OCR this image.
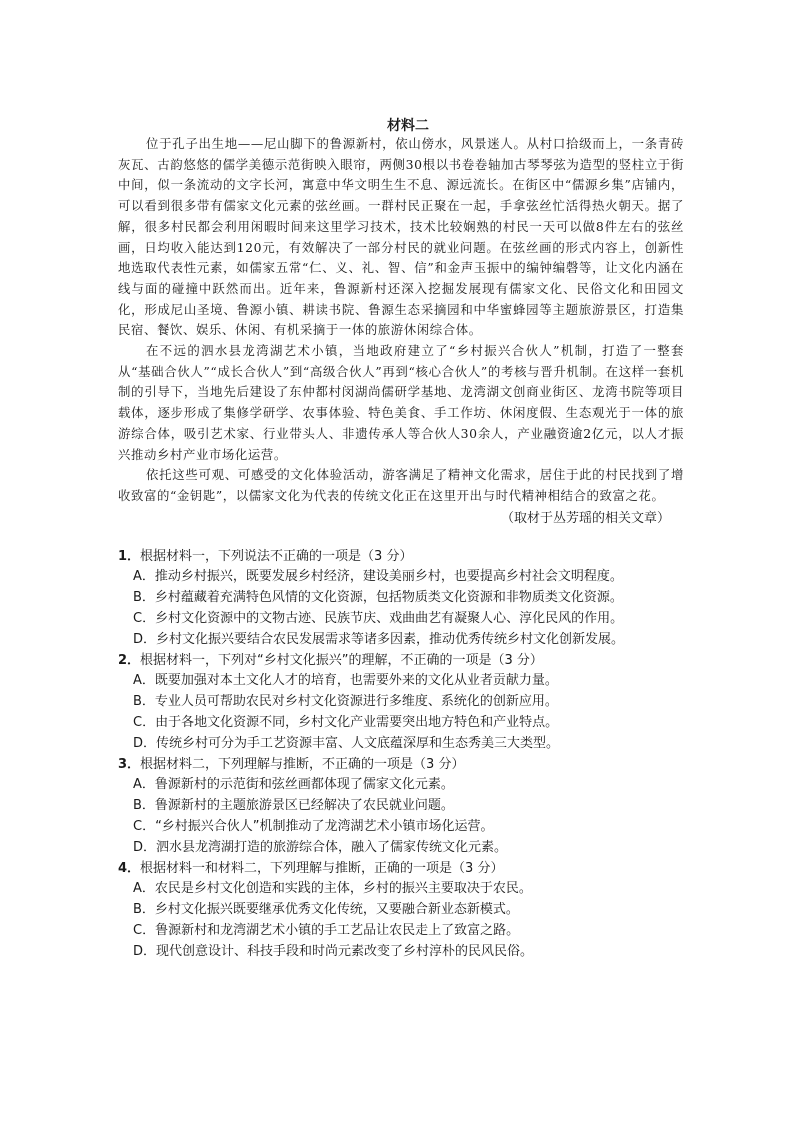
材料二

位于孔子出生地——尼山脚下的鲁源新村，依山傍水，风景迷人。从村口拾级而上，一条青砖灰瓦、古韵悠悠的儒学美德示范街映入眼帘，两侧30根以书卷卷轴加古琴琴弦为造型的竖柱立于街中间，似一条流动的文字长河，寓意中华文明生生不息、源远流长。在街区中“儒源乡集”店铺内，可以看到很多带有儒家文化元素的弦丝画。一群村民正聚在一起，手拿弦丝忙活得热火朝天。据了解，很多村民都会利用闲暇时间来这里学习技术，技术比较娴熟的村民一天可以做8件左右的弦丝画，日均收入能达到120元，有效解决了一部分村民的就业问题。在弦丝画的形式内容上，创新性地选取代表性元素，如儒家五常“仁、义、礼、智、信”和金声玉振中的编钟编磬等，让文化内涵在线与面的碰撞中跃然而出。近年来，鲁源新村还深入挖掘发展现有儒家文化、民俗文化和田园文化，形成尼山圣境、鲁源小镇、耕读书院、鲁源生态采摘园和中华蜜蜂园等主题旅游景区，打造集民宿、餐饮、娱乐、休闲、有机采摘于一体的旅游休闲综合体。

在不远的泗水县龙湾湖艺术小镇，当地政府建立了“乡村振兴合伙人”机制，打造了一整套从“基础合伙人”“成长合伙人”到“高级合伙人”再到“核心合伙人”的考核与晋升机制。在这样一套机制的引导下，当地先后建设了东仲都村闵湖尚儒研学基地、龙湾湖文创商业街区、龙湾书院等项目载体，逐步形成了集修学研学、农事体验、特色美食、手工作坊、休闲度假、生态观光于一体的旅游综合体，吸引艺术家、行业带头人、非遗传承人等合伙人30余人，产业融资逾2亿元，以人才振兴推动乡村产业市场化运营。

依托这些可观、可感受的文化体验活动，游客满足了精神文化需求，居住于此的村民找到了增收致富的“金钥匙”，以儒家文化为代表的传统文化正在这里开出与时代精神相结合的致富之花。

（取材于丛芳瑶的相关文章）

1．根据材料一，下列说法不正确的一项是（3 分）

A．推动乡村振兴，既要发展乡村经济，建设美丽乡村，也要提高乡村社会文明程度。

B．乡村蕴藏着充满特色风情的文化资源，包括物质类文化资源和非物质类文化资源。

C．乡村文化资源中的文物古迹、民族节庆、戏曲曲艺有凝聚人心、淳化民风的作用。

D．乡村文化振兴要结合农民发展需求等诸多因素，推动优秀传统乡村文化创新发展。

2．根据材料一，下列对“乡村文化振兴”的理解，不正确的一项是（3 分）

A．既要加强对本土文化人才的培育，也需要外来的文化从业者贡献力量。

B．专业人员可帮助农民对乡村文化资源进行多维度、系统化的创新应用。

C．由于各地文化资源不同，乡村文化产业需要突出地方特色和产业特点。

D．传统乡村可分为手工艺资源丰富、人文底蕴深厚和生态秀美三大类型。

3．根据材料二，下列理解与推断，不正确的一项是（3 分）

A．鲁源新村的示范街和弦丝画都体现了儒家文化元素。

B．鲁源新村的主题旅游景区已经解决了农民就业问题。

C．“乡村振兴合伙人”机制推动了龙湾湖艺术小镇市场化运营。

D．泗水县龙湾湖打造的旅游综合体，融入了儒家传统文化元素。

4．根据材料一和材料二，下列理解与推断，正确的一项是（3 分）

A．农民是乡村文化创造和实践的主体，乡村的振兴主要取决于农民。

B．乡村文化振兴既要继承优秀文化传统，又要融合新业态新模式。

C．鲁源新村和龙湾湖艺术小镇的手工艺品让农民走上了致富之路。

D．现代创意设计、科技手段和时尚元素改变了乡村淳朴的民风民俗。
